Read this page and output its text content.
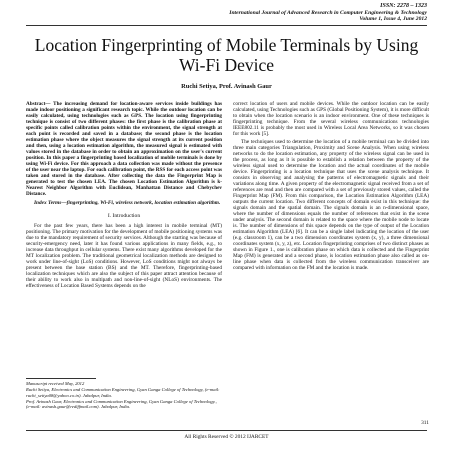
ISSN: 2278 – 1323
International Journal of Advanced Research in Computer Engineering & Technology
Volume 1, Issue 4, June 2012
Location Fingerprinting of Mobile Terminals by Using Wi-Fi Device
Ruchi Setiya, Prof. Avinash Gaur

Abstract— The increasing demand for location-aware services inside buildings has made indoor positioning a significant research topic. While the outdoor location can be easily calculated, using technologies such as GPS. The location using fingerprinting technique is consist of two different phases: the first phase is the calibration phase at specific points called calibration points within the environment, the signal strength at each point is recorded and saved in a database; the second phase is the location estimation phase where the object measures the signal strength at its current position and then, using a location estimation algorithm, the measured signal is estimated with values stored in the database in order to obtain an approximation on the user's current position. In this paper a fingerprinting based localization of mobile terminals is done by using Wi-Fi device. For this approach a data collection was made without the presence of the user near the laptop. For each calibration point, the RSS for each access point was taken and stored in the database. After collecting the data the Fingerprint Map is generated to test the chosen LEA. The chosen Location Estimation Algorithm is k-Nearest Neighbor Algorithm with Euclidean, Manhattan Distance and Chebychev Distance.

Index Terms—fingerprinting, Wi-Fi, wireless network, location estimation algorithm.

I. Introduction

For the past few years, there has been a high interest in mobile terminal (MT) positioning. The primary motivation for the development of mobile positioning systems was due to the mandatory requirement of security services. Although the starting was because of security-emergency need, later it has found various applications in many fields, e.g., to increase data throughput in cellular systems. There exist many algorithms developed for the MT localization problem. The traditional geometrical localization methods are designed to work under line-of-sight (LoS) conditions. However, LoS conditions might not always be present between the base station (BS) and the MT. Therefore, fingerprinting-based localization techniques which are also the subject of this paper attract attention because of their ability to work also in multipath and non-line-of-sight (NLoS) environments. The effectiveness of Location Based Systems depends on the

Manuscript received May, 2012

Ruchi Setiya, Electronics and Communication Engineering, Gyan Ganga College of Technology, (e-mail: ruchi_setiya08@yahoo.co.in). Jabalpur, India.

Prof. Avinash Gaur, Electronics and Communication Engineering, Gyan Ganga College of Technology., (e-mail: avinash.gaur@rediffmail.com). Jabalpur, India.

correct location of users and mobile devices. While the outdoor location can be easily calculated, using Technologies such as GPS (Global Positioning System), it is more difficult to obtain when the location scenario is an indoor environment. One of these techniques is fingerprinting technique. From the several wireless communications technologies IEEE802.11 is probably the most used in Wireless Local Area Networks, so it was chosen for this work [5].

The techniques used to determine the location of a mobile terminal can be divided into three main categories Triangulation, Proximity and Scene Analysis. When using wireless networks to do the location estimation, any property of the wireless signal can be used in the process, as long as it is possible to establish a relation between the property of the wireless signal used to determine the location and the actual coordinates of the mobile device. Fingerprinting is a location technique that uses the scene analysis technique. It consists in observing and analysing the patterns of electromagnetic signals and their variations along time. A given property of the electromagnetic signal received from a set of references are read and then are compared with a set of previously stored values, called the Fingerprint Map (FM). From this comparison, the Location Estimation Algorithm (LEA) outputs the current location. Two different concepts of domain exist in this technique: the signals domain and the spatial domain. The signals domain is an n-dimensional space, where the number of dimensions equals the number of references that exist in the scene under analysis. The second domain is related to the space where the mobile node to locate is. The number of dimensions of this space depends on the type of output of the Location estimation Algorithm (LEA) [6]. It can be a single label indicating the location of the user (e.g. classroom 1), can be a two dimension coordinates system (x, y), a three dimensional coordinates system (x, y, z), etc. Location fingerprinting comprises of two distinct phases as shown in Figure 1., one is calibration phase on which data is collected and the Fingerprint Map (FM) is generated and a second phase, is location estimation phase also called as on-line phase when data is collected from the wireless communication transceiver are compared with information on the FM and the location is made.

311
All Rights Reserved © 2012 IJARCET
